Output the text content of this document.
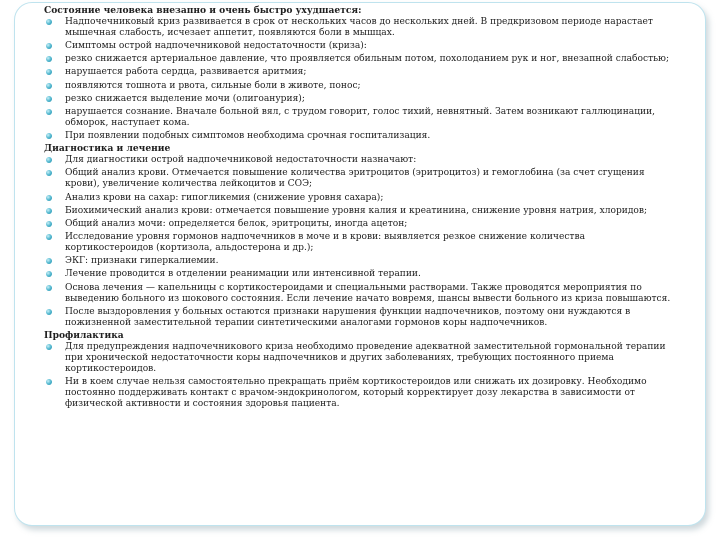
Состояние человека внезапно и очень быстро ухудшается:
Надпочечниковый криз развивается в срок от нескольких часов до нескольких дней. В предкризовом периоде нарастает мышечная слабость, исчезает аппетит, появляются боли в мышцах.
Симптомы острой надпочечниковой недостаточности (криза):
резко снижается артериальное давление, что проявляется обильным потом, похолоданием рук и ног, внезапной слабостью;
нарушается работа сердца, развивается аритмия;
появляются тошнота и рвота, сильные боли в животе, понос;
резко снижается выделение мочи (олигоанурия);
нарушается сознание. Вначале больной вял, с трудом говорит, голос тихий, невнятный. Затем возникают галлюцинации, обморок, наступает кома.
При появлении подобных симптомов необходима срочная госпитализация.
Диагностика и лечение
Для диагностики острой надпочечниковой недостаточности назначают:
Общий анализ крови. Отмечается повышение количества эритроцитов (эритроцитоз) и гемоглобина (за счет сгущения крови), увеличение количества лейкоцитов и СОЭ;
Анализ крови на сахар: гипогликемия (снижение уровня сахара);
Биохимический анализ крови: отмечается повышение уровня калия и креатинина, снижение уровня натрия, хлоридов;
Общий анализ мочи: определяется белок, эритроциты, иногда ацетон;
Исследование уровня гормонов надпочечников в моче и в крови: выявляется резкое снижение количества кортикостероидов (кортизола, альдостерона и др.);
ЭКГ: признаки гиперкалиемии.
Лечение проводится в отделении реанимации или интенсивной терапии.
Основа лечения — капельницы с кортикостероидами и специальными растворами. Также проводятся мероприятия по выведению больного из шокового состояния. Если лечение начато вовремя, шансы вывести больного из криза повышаются.
После выздоровления у больных остаются признаки нарушения функции надпочечников, поэтому они нуждаются в пожизненной заместительной терапии синтетическими аналогами гормонов коры надпочечников.
Профилактика
Для предупреждения надпочечникового криза необходимо проведение адекватной заместительной гормональной терапии при хронической недостаточности коры надпочечников и других заболеваниях, требующих постоянного приема кортикостероидов.
Ни в коем случае нельзя самостоятельно прекращать приём кортикостероидов или снижать их дозировку. Необходимо постоянно поддерживать контакт с врачом-эндокринологом, который корректирует дозу лекарства в зависимости от физической активности и состояния здоровья пациента.
